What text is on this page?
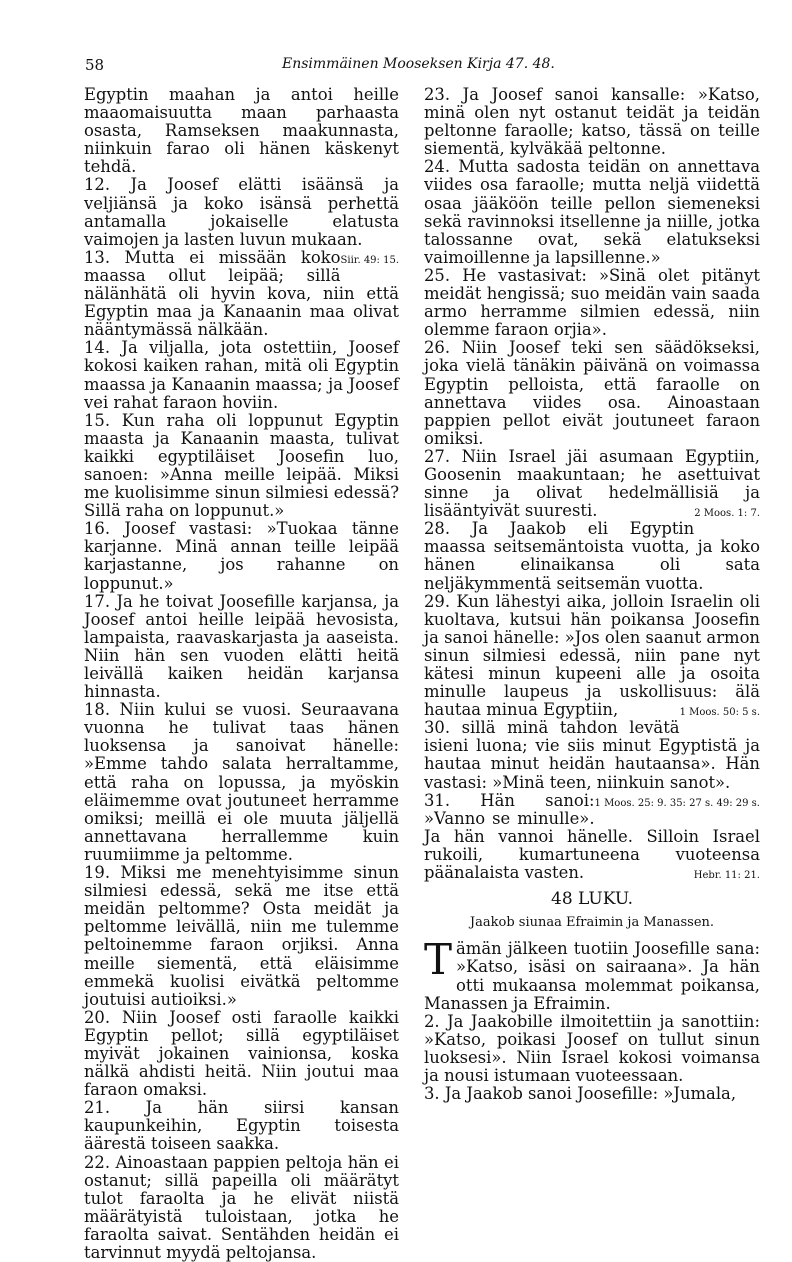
58	Ensimmäinen Mooseksen Kirja 47. 48.

Egyptin maahan ja antoi heille maaomaisuutta maan parhaasta osasta, Ramseksen maakunnasta, niinkuin farao oli hänen käskenyt tehdä.

12. Ja Joosef elätti isäänsä ja veljiänsä ja koko isänsä perhettä antamalla jokaiselle elatusta vaimojen ja lasten luvun mukaan.
Siir. 49: 15.

13. Mutta ei missään koko maassa ollut leipää; sillä nälänhätä oli hyvin kova, niin että Egyptin maa ja Kanaanin maa olivat nääntymässä nälkään.

14. Ja viljalla, jota ostettiin, Joosef kokosi kaiken rahan, mitä oli Egyptin maassa ja Kanaanin maassa; ja Joosef vei rahat faraon hoviin.

15. Kun raha oli loppunut Egyptin maasta ja Kanaanin maasta, tulivat kaikki egyptiläiset Joosefin luo, sanoen: »Anna meille leipää. Miksi me kuolisimme sinun silmiesi edessä? Sillä raha on loppunut.»

16. Joosef vastasi: »Tuokaa tänne karjanne. Minä annan teille leipää karjastanne, jos rahanne on loppunut.»

17. Ja he toivat Joosefille karjansa, ja Joosef antoi heille leipää hevosista, lampaista, raavaskarjasta ja aaseista. Niin hän sen vuoden elätti heitä leivällä kaiken heidän karjansa hinnasta.

18. Niin kului se vuosi. Seuraavana vuonna he tulivat taas hänen luoksensa ja sanoivat hänelle: »Emme tahdo salata herraltamme, että raha on lopussa, ja myöskin eläimemme ovat joutuneet herramme omiksi; meillä ei ole muuta jäljellä annettavana herrallemme kuin ruumiimme ja peltomme.

19. Miksi me menehtyisimme sinun silmiesi edessä, sekä me itse että meidän peltomme? Osta meidät ja peltomme leivällä, niin me tulemme peltoinemme faraon orjiksi. Anna meille siementä, että eläisimme emmekä kuolisi eivätkä peltomme joutuisi autioiksi.»

20. Niin Joosef osti faraolle kaikki Egyptin pellot; sillä egyptiläiset myivät jokainen vainionsa, koska nälkä ahdisti heitä. Niin joutui maa faraon omaksi.

21. Ja hän siirsi kansan kaupunkeihin, Egyptin toisesta äärestä toiseen saakka.

22. Ainoastaan pappien peltoja hän ei ostanut; sillä papeilla oli määrätyt tulot faraolta ja he elivät niistä määrätyistä tuloistaan, jotka he faraolta saivat. Sentähden heidän ei tarvinnut myydä peltojansa.

23. Ja Joosef sanoi kansalle: »Katso, minä olen nyt ostanut teidät ja teidän peltonne faraolle; katso, tässä on teille siementä, kylväkää peltonne.

24. Mutta sadosta teidän on annettava viides osa faraolle; mutta neljä viidettä osaa jääköön teille pellon siemeneksi sekä ravinnoksi itsellenne ja niille, jotka talossanne ovat, sekä elatukseksi vaimoillenne ja lapsillenne.»

25. He vastasivat: »Sinä olet pitänyt meidät hengissä; suo meidän vain saada armo herramme silmien edessä, niin olemme faraon orjia».

26. Niin Joosef teki sen säädökseksi, joka vielä tänäkin päivänä on voimassa Egyptin pelloista, että faraolle on annettava viides osa. Ainoastaan pappien pellot eivät joutuneet faraon omiksi.

27. Niin Israel jäi asumaan Egyptiin, Goosenin maakuntaan; he asettuivat sinne ja olivat hedelmällisiä ja lisääntyivät suuresti.	2 Moos. 1: 7.

28. Ja Jaakob eli Egyptin maassa seitsemäntoista vuotta, ja koko hänen elinaikansa oli sata neljäkymmentä seitsemän vuotta.

29. Kun lähestyi aika, jolloin Israelin oli kuoltava, kutsui hän poikansa Joosefin ja sanoi hänelle: »Jos olen saanut armon sinun silmiesi edessä, niin pane nyt kätesi minun kupeeni alle ja osoita minulle laupeus ja uskollisuus: älä hautaa minua Egyptiin,	1 Moos. 50: 5 s.

30. sillä minä tahdon levätä isieni luona; vie siis minut Egyptistä ja hautaa minut heidän hautaansa». Hän vastasi: »Minä teen, niinkuin sanot».
1 Moos. 25: 9. 35: 27 s. 49: 29 s.

31. Hän sanoi: »Vanno se minulle». Ja hän vannoi hänelle. Silloin Israel rukoili, kumartuneena vuoteensa päänalaista vasten.	Hebr. 11: 21.

48 LUKU.
Jaakob siunaa Efraimin ja Manassen.

Tämän jälkeen tuotiin Joosefille sana: »Katso, isäsi on sairaana». Ja hän otti mukaansa molemmat poikansa, Manassen ja Efraimin.

2. Ja Jaakobille ilmoitettiin ja sanottiin: »Katso, poikasi Joosef on tullut sinun luoksesi». Niin Israel kokosi voimansa ja nousi istumaan vuoteessaan.

3. Ja Jaakob sanoi Joosefille: »Jumala,
